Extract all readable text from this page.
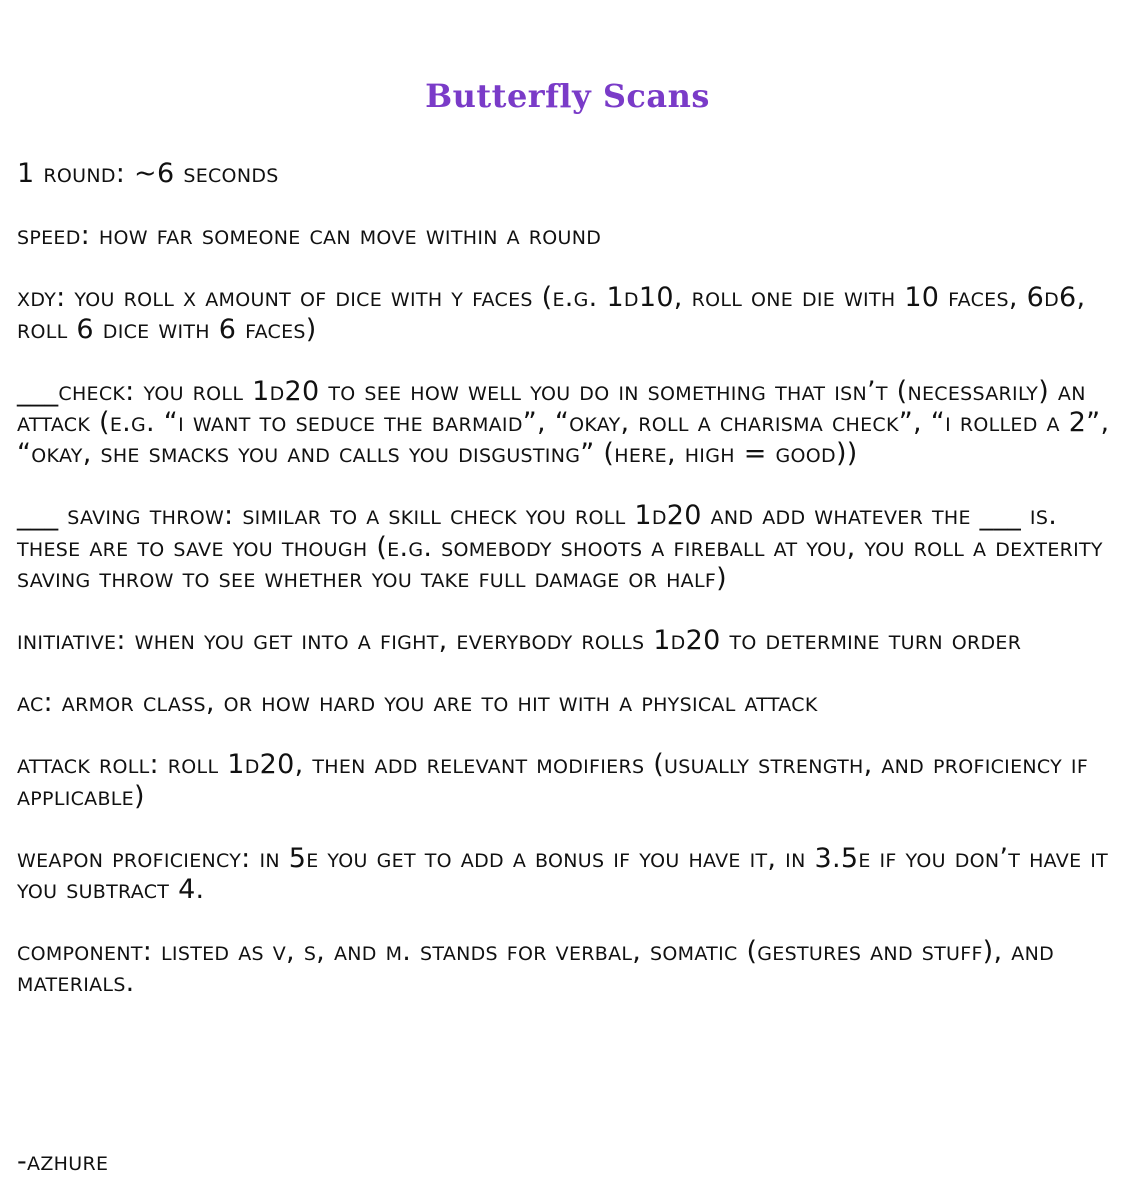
Butterfly Scans
1 round: ~6 seconds
speed: how far someone can move within a round
xdy: you roll x amount of dice with y faces (e.g. 1d10, roll one die with 10 faces, 6d6, roll 6 dice with 6 faces)
___check: you roll 1d20 to see how well you do in something that isn’t (necessarily) an attack (e.g. “i want to seduce the barmaid”, “okay, roll a charisma check”, “i rolled a 2”, “okay, she smacks you and calls you disgusting” (here, high = good))
___ saving throw: similar to a skill check you roll 1d20 and add whatever the ___ is. these are to save you though (e.g. somebody shoots a fireball at you, you roll a dexterity saving throw to see whether you take full damage or half)
initiative: when you get into a fight, everybody rolls 1d20 to determine turn order
ac: armor class, or how hard you are to hit with a physical attack
attack roll: roll 1d20, then add relevant modifiers (usually strength, and proficiency if applicable)
weapon proficiency: in 5e you get to add a bonus if you have it, in 3.5e if you don’t have it you subtract 4.
component: listed as v, s, and m. stands for verbal, somatic (gestures and stuff), and materials.
-azhure
